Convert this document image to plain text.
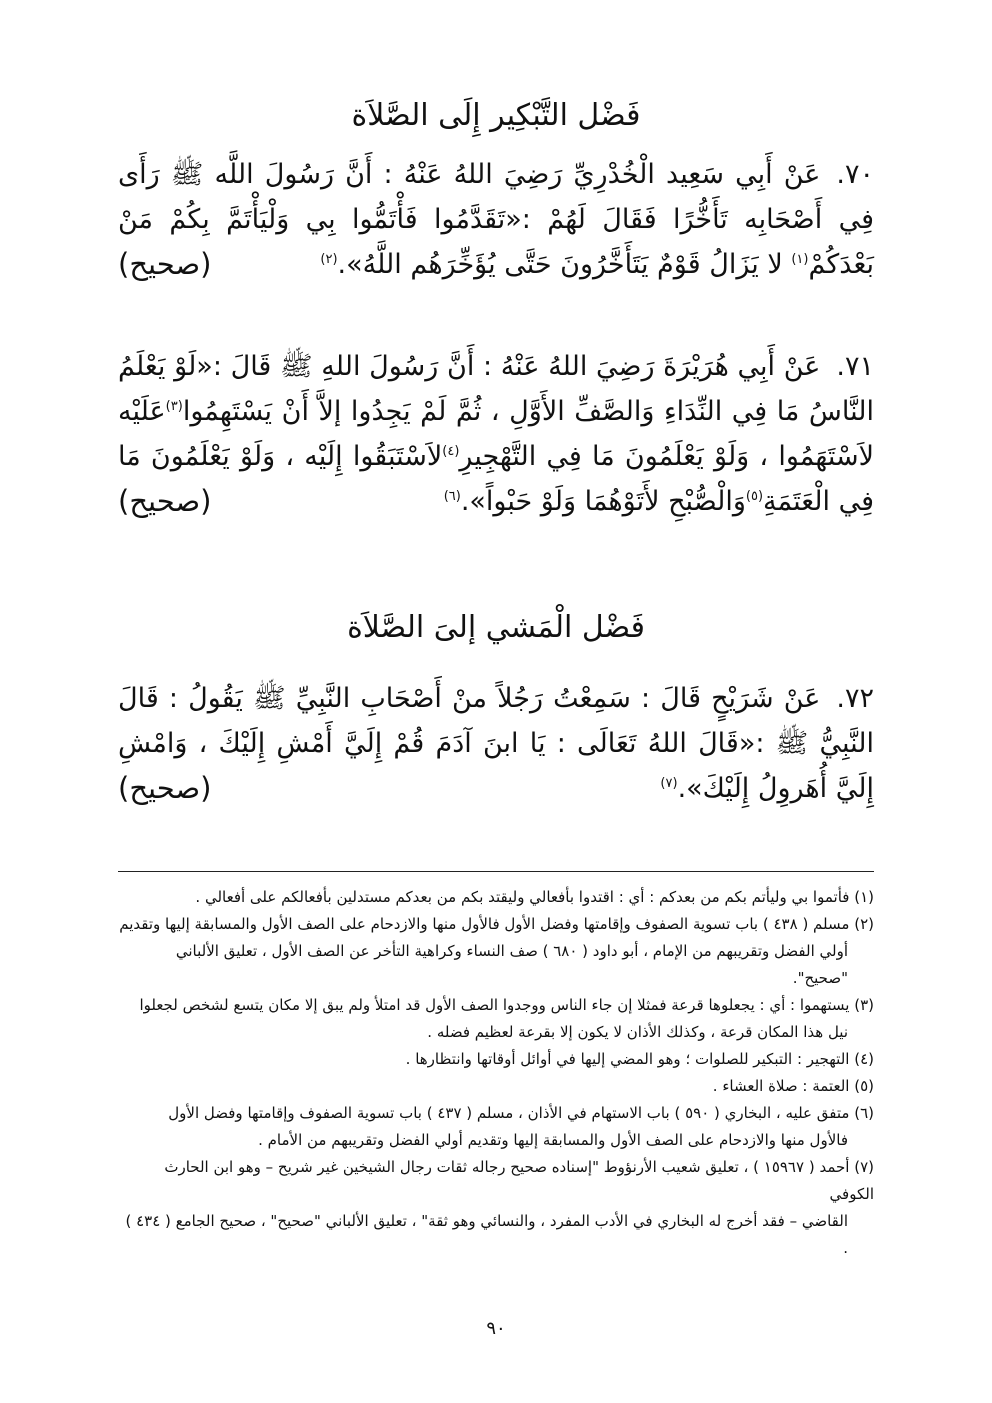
فَضْل التَّبْكِير إِلَى الصَّلاَة
٧٠.عَنْ أَبِي سَعِيد الْخُدْرِيِّ رَضِيَ اللهُ عَنْهُ : أَنَّ رَسُولَ اللَّه ﷺ رَأَى فِي أَصْحَابِه تَأَخُّرًا فَقَالَ لَهُمْ :«تَقَدَّمُوا فَأْتَمُّوا بِي وَلْيَأْتَمَّ بِكُمْ مَنْ بَعْدَكُمْ$^{(١)}$ لا يَزَالُ قَوْمٌ يَتَأَخَّرُونَ حَتَّى يُؤَخِّرَهُم اللَّهُ».$^{(٢)}$
(صحيح)
٧١.عَنْ أَبِي هُرَيْرَةَ رَضِيَ اللهُ عَنْهُ : أَنَّ رَسُولَ اللهِ ﷺ قَالَ :«لَوْ يَعْلَمُ النَّاسُ مَا فِي النِّدَاءِ وَالصَّفِّ الأَوَّلِ ، ثُمَّ لَمْ يَجِدُوا إلاَّ أَنْ يَسْتَهِمُوا$^{(٣)}$عَلَيْه لاَسْتَهَمُوا ، وَلَوْ يَعْلَمُونَ مَا فِي التَّهْجِيرِ$^{(٤)}$لاَسْتَبَقُوا إِلَيْه ، وَلَوْ يَعْلَمُونَ مَا فِي الْعَتَمَةِ$^{(٥)}$وَالْصُّبْحِ لأَتَوْهُمَا وَلَوْ حَبْواً».$^{(٦)}$
(صحيح)
فَضْل الْمَشي إلىَ الصَّلاَة
٧٢.عَنْ شَرَيْحٍ قَالَ : سَمِعْتُ رَجُلاً منْ أَصْحَابِ النَّبِيِّ ﷺ يَقُولُ : قَالَ النَّبِيُّ ﷺ :«قَالَ اللهُ تَعَالَى : يَا ابنَ آدَمَ قُمْ إِلَيَّ أَمْشِ إِلَيْكَ ، وَامْشِ إِلَيَّ أُهَروِلُ إِلَيْكَ».$^{(٧)}$
(صحيح)

(١) فأتموا بي وليأتم بكم من بعدكم : أي : اقتدوا بأفعالي وليقتد بكم من بعدكم مستدلين بأفعالكم على أفعالي .

(٢) مسلم ( ٤٣٨ ) باب تسوية الصفوف وإقامتها وفضل الأول فالأول منها والازدحام على الصف الأول والمسابقة إليها وتقديم
أولي الفضل وتقريبهم من الإمام ، أبو داود ( ٦٨٠ ) صف النساء وكراهية التأخر عن الصف الأول ، تعليق الألباني "صحيح".

(٣) يستهموا : أي : يجعلوها قرعة فمثلا إن جاء الناس ووجدوا الصف الأول قد امتلأ ولم يبق إلا مكان يتسع لشخص لجعلوا
نيل هذا المكان قرعة ، وكذلك الأذان لا يكون إلا بقرعة لعظيم فضله .

(٤) التهجير : التبكير للصلوات ؛ وهو المضي إليها في أوائل أوقاتها وانتظارها .

(٥) العتمة : صلاة العشاء .

(٦) متفق عليه ، البخاري ( ٥٩٠ ) باب الاستهام في الأذان ، مسلم ( ٤٣٧ ) باب تسوية الصفوف وإقامتها وفضل الأول
فالأول منها والازدحام على الصف الأول والمسابقة إليها وتقديم أولي الفضل وتقريبهم من الأمام .

(٧) أحمد ( ١٥٩٦٧ ) ، تعليق شعيب الأرنؤوط "إسناده صحيح رجاله ثقات رجال الشيخين غير شريح – وهو ابن الحارث الكوفي
القاضي – فقد أخرج له البخاري في الأدب المفرد ، والنسائي وهو ثقة" ، تعليق الألباني "صحيح" ، صحيح الجامع ( ٤٣٤ ) .

٩٠
